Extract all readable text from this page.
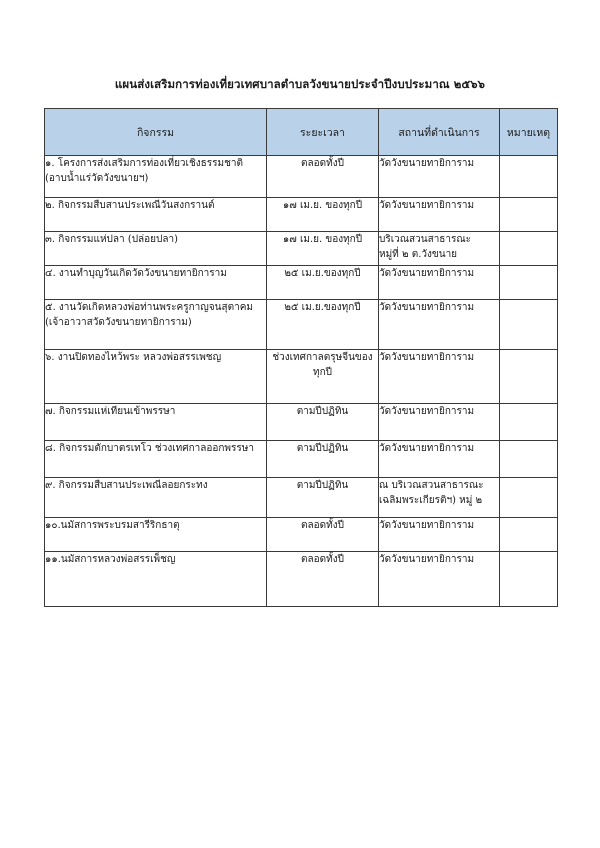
แผนส่งเสริมการท่องเที่ยวเทศบาลตำบลวังขนายประจำปีงบประมาณ ๒๕๖๖
กิจกรรม	ระยะเวลา	สถานที่ดำเนินการ	หมายเหตุ

๑. โครงการส่งเสริมการท่องเที่ยวเชิงธรรมชาติ
(อาบน้ำแร่วัดวังขนายฯ)	ตลอดทั้งปี	วัดวังขนายทายิการาม	

๒. กิจกรรมสืบสานประเพณีวันสงกรานต์	๑๗ เม.ย. ของทุกปี	วัดวังขนายทายิการาม	

๓. กิจกรรมแห่ปลา (ปล่อยปลา)	๑๗ เม.ย. ของทุกปี	บริเวณสวนสาธารณะ
หมู่ที่ ๒ ต.วังขนาย	

๔. งานทำบุญวันเกิดวัดวังขนายทายิการาม	๒๕ เม.ย.ของทุกปี	วัดวังขนายทายิการาม	

๕. งานวัดเกิดหลวงพ่อท่านพระครูกาญจนสุตาคม
(เจ้าอาวาสวัดวังขนายทายิการาม)	๒๕ เม.ย.ของทุกปี	วัดวังขนายทายิการาม	

๖. งานปิดทองไหว้พระ หลวงพ่อสรรเพชญ	ช่วงเทศกาลตรุษจีนของ
ทุกปี	วัดวังขนายทายิการาม	

๗. กิจกรรมแห่เทียนเข้าพรรษา	ตามปีปฏิทิน	วัดวังขนายทายิการาม	

๘. กิจกรรมตักบาตรเทโว ช่วงเทศกาลออกพรรษา	ตามปีปฏิทิน	วัดวังขนายทายิการาม	

๙. กิจกรรมสืบสานประเพณีลอยกระทง	ตามปีปฏิทิน	ณ บริเวณสวนสาธารณะ
เฉลิมพระเกียรติฯ) หมู่ ๒	

๑๐.นมัสการพระบรมสารีริกธาตุ	ตลอดทั้งปี	วัดวังขนายทายิการาม	

๑๑.นมัสการหลวงพ่อสรรเพ็ชญ	ตลอดทั้งปี	วัดวังขนายทายิการาม	
